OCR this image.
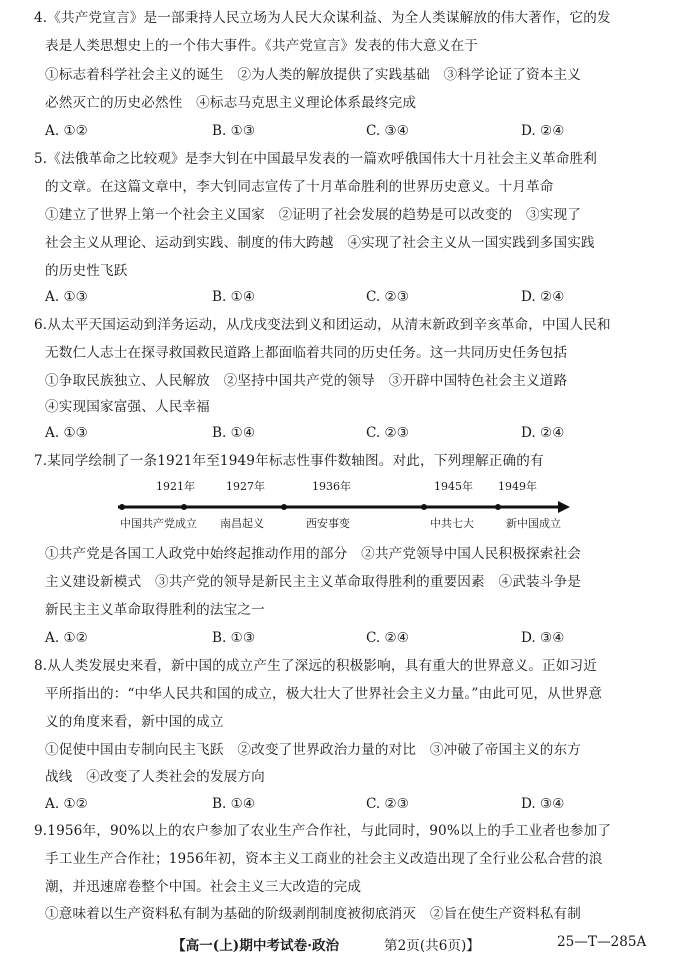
4.《共产党宣言》是一部秉持人民立场为人民大众谋利益、为全人类谋解放的伟大著作，它的发
表是人类思想史上的一个伟大事件。《共产党宣言》发表的伟大意义在于
①标志着科学社会主义的诞生　②为人类的解放提供了实践基础　③科学论证了资本主义
必然灭亡的历史必然性　④标志马克思主义理论体系最终完成
A. ①②	B. ①③	C. ③④	D. ②④
5.《法俄革命之比较观》是李大钊在中国最早发表的一篇欢呼俄国伟大十月社会主义革命胜利
的文章。在这篇文章中，李大钊同志宣传了十月革命胜利的世界历史意义。十月革命
①建立了世界上第一个社会主义国家　②证明了社会发展的趋势是可以改变的　③实现了
社会主义从理论、运动到实践、制度的伟大跨越　④实现了社会主义从一国实践到多国实践
的历史性飞跃
A. ①③	B. ①④	C. ②③	D. ②④
6.从太平天国运动到洋务运动，从戊戌变法到义和团运动，从清末新政到辛亥革命，中国人民和
无数仁人志士在探寻救国救民道路上都面临着共同的历史任务。这一共同历史任务包括
①争取民族独立、人民解放　②坚持中国共产党的领导　③开辟中国特色社会主义道路
④实现国家富强、人民幸福
A. ①③	B. ①④	C. ②③	D. ②④
7.某同学绘制了一条1921年至1949年标志性事件数轴图。对此，下列理解正确的有
1921年	1927年	1936年	1945年 1949年
中国共产党成立 南昌起义	西安事变	中共七大	新中国成立
①共产党是各国工人政党中始终起推动作用的部分　②共产党领导中国人民积极探索社会
主义建设新模式　③共产党的领导是新民主主义革命取得胜利的重要因素　④武装斗争是
新民主主义革命取得胜利的法宝之一
A. ①②	B. ①③	C. ②④	D. ③④
8.从人类发展史来看，新中国的成立产生了深远的积极影响，具有重大的世界意义。正如习近
平所指出的：“中华人民共和国的成立，极大壮大了世界社会主义力量。”由此可见，从世界意
义的角度来看，新中国的成立
①促使中国由专制向民主飞跃　②改变了世界政治力量的对比　③冲破了帝国主义的东方
战线　④改变了人类社会的发展方向
A. ①②	B. ①④	C. ②③	D. ③④
9.1956年，90%以上的农户参加了农业生产合作社，与此同时，90%以上的手工业者也参加了
手工业生产合作社；1956年初，资本主义工商业的社会主义改造出现了全行业公私合营的浪
潮，并迅速席卷整个中国。社会主义三大改造的完成
①意味着以生产资料私有制为基础的阶级剥削制度被彻底消灭　②旨在使生产资料私有制
【高一(上)期中考试卷·政治	第2页(共6页)】	25—T—285A
